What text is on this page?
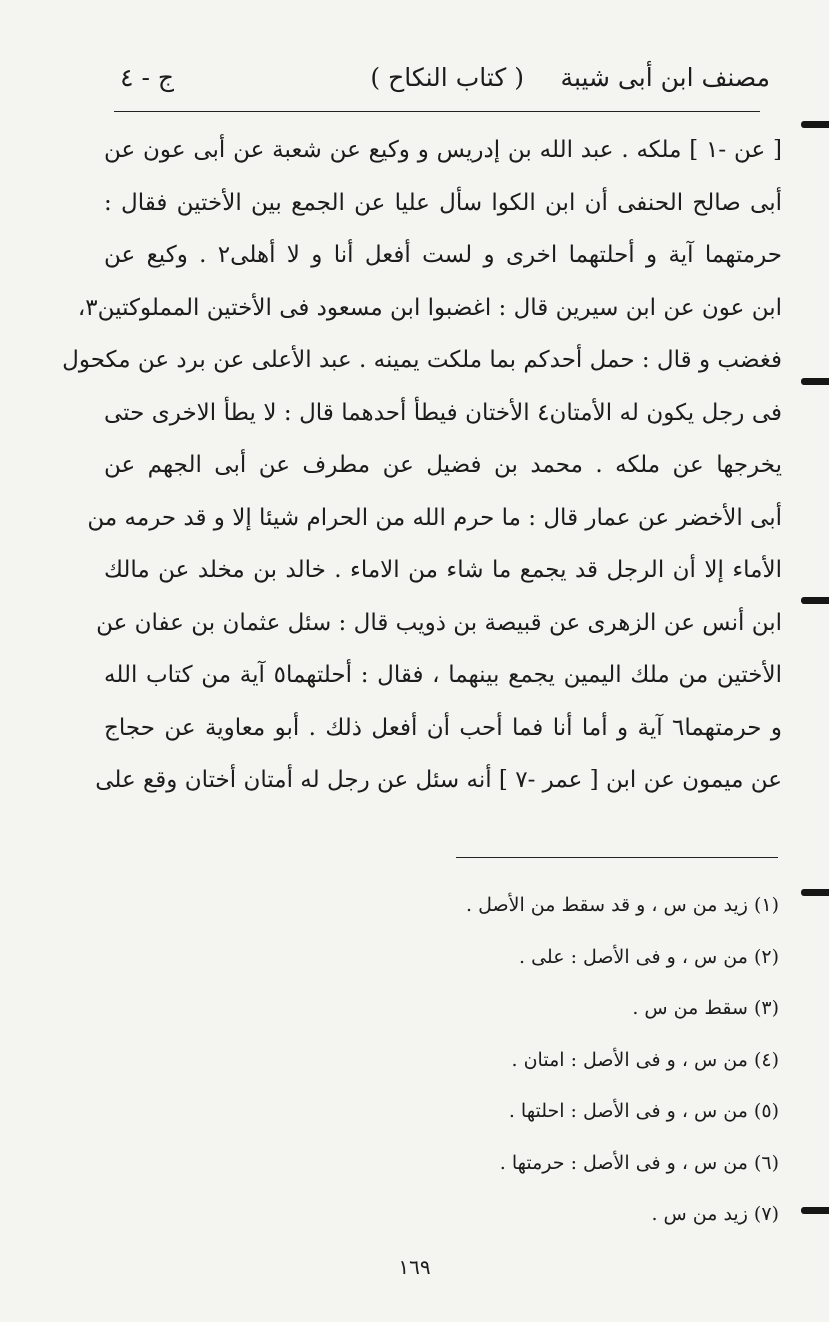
مصنف ابن أبى شيبة
( كتاب النكاح )
ج - ٤
[ عن -١ ] ملكه . عبد الله بن إدريس و وكيع عن شعبة عن أبى عون عن
أبى صالح الحنفى أن ابن الكوا سأل عليا عن الجمع بين الأختين فقال :
حرمتهما آية و أحلتهما اخرى و لست أفعل أنا و لا أهلى٢ . وكيع عن
ابن عون عن ابن سيرين قال : اغضبوا ابن مسعود فى الأختين المملوكتين٣،
فغضب و قال : حمل أحدكم بما ملكت يمينه . عبد الأعلى عن برد عن مكحول
فى رجل يكون له الأمتان٤ الأختان فيطأ أحدهما قال : لا يطأ الاخرى حتى
يخرجها عن ملكه . محمد بن فضيل عن مطرف عن أبى الجهم عن
أبى الأخضر عن عمار قال : ما حرم الله من الحرام شيئا إلا و قد حرمه من
الأماء إلا أن الرجل قد يجمع ما شاء من الاماء . خالد بن مخلد عن مالك
ابن أنس عن الزهرى عن قبيصة بن ذويب قال : سئل عثمان بن عفان عن
الأختين من ملك اليمين يجمع بينهما ، فقال : أحلتهما٥ آية من كتاب الله
و حرمتهما٦ آية و أما أنا فما أحب أن أفعل ذلك . أبو معاوية عن حجاج
عن ميمون عن ابن [ عمر -٧ ] أنه سئل عن رجل له أمتان أختان وقع على
(١) زيد من س ، و قد سقط من الأصل .
(٢) من س ، و فى الأصل : على .
(٣) سقط من س .
(٤) من س ، و فى الأصل : امتان .
(٥) من س ، و فى الأصل : احلتها .
(٦) من س ، و فى الأصل : حرمتها .
(٧) زيد من س .
١٦٩
